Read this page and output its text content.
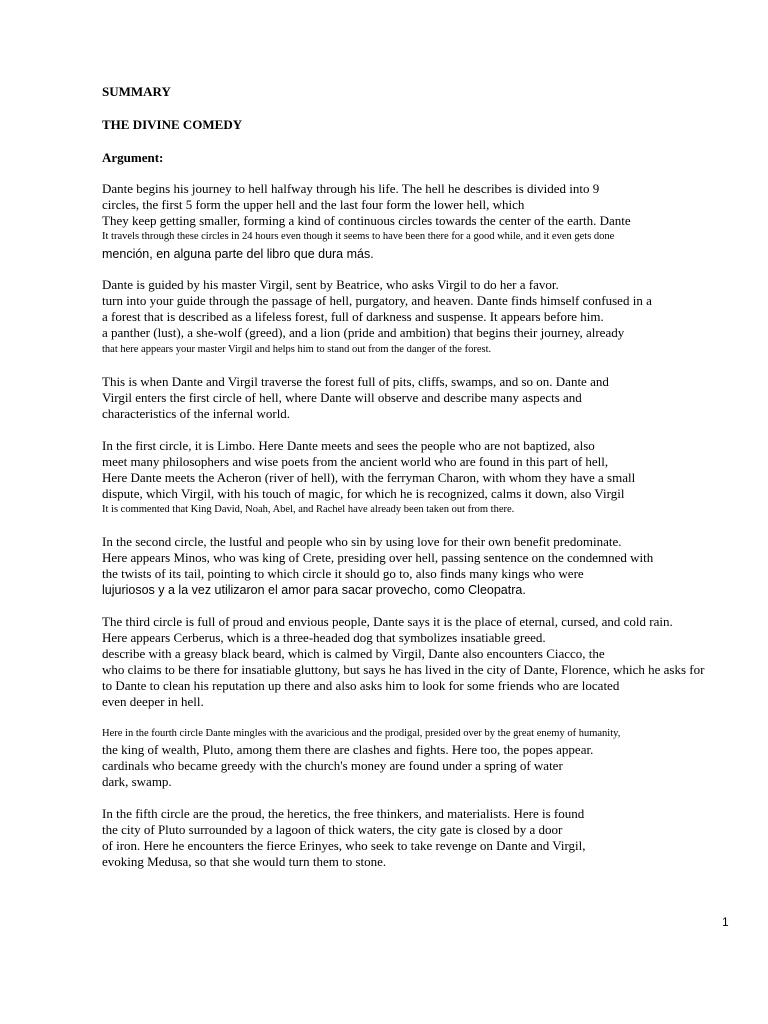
SUMMARY
THE DIVINE COMEDY
Argument:
Dante begins his journey to hell halfway through his life. The hell he describes is divided into 9
circles, the first 5 form the upper hell and the last four form the lower hell, which
They keep getting smaller, forming a kind of continuous circles towards the center of the earth. Dante
It travels through these circles in 24 hours even though it seems to have been there for a good while, and it even gets done
mención, en alguna parte del libro que dura más.
Dante is guided by his master Virgil, sent by Beatrice, who asks Virgil to do her a favor.
turn into your guide through the passage of hell, purgatory, and heaven. Dante finds himself confused in a
a forest that is described as a lifeless forest, full of darkness and suspense. It appears before him.
a panther (lust), a she-wolf (greed), and a lion (pride and ambition) that begins their journey, already
that here appears your master Virgil and helps him to stand out from the danger of the forest.
This is when Dante and Virgil traverse the forest full of pits, cliffs, swamps, and so on. Dante and
Virgil enters the first circle of hell, where Dante will observe and describe many aspects and
characteristics of the infernal world.
In the first circle, it is Limbo. Here Dante meets and sees the people who are not baptized, also
meet many philosophers and wise poets from the ancient world who are found in this part of hell,
Here Dante meets the Acheron (river of hell), with the ferryman Charon, with whom they have a small
dispute, which Virgil, with his touch of magic, for which he is recognized, calms it down, also Virgil
It is commented that King David, Noah, Abel, and Rachel have already been taken out from there.
In the second circle, the lustful and people who sin by using love for their own benefit predominate.
Here appears Minos, who was king of Crete, presiding over hell, passing sentence on the condemned with
the twists of its tail, pointing to which circle it should go to, also finds many kings who were
lujuriosos y a la vez utilizaron el amor para sacar provecho, como Cleopatra.
The third circle is full of proud and envious people, Dante says it is the place of eternal, cursed, and cold rain.
Here appears Cerberus, which is a three-headed dog that symbolizes insatiable greed.
describe with a greasy black beard, which is calmed by Virgil, Dante also encounters Ciacco, the
who claims to be there for insatiable gluttony, but says he has lived in the city of Dante, Florence, which he asks for
to Dante to clean his reputation up there and also asks him to look for some friends who are located
even deeper in hell.
Here in the fourth circle Dante mingles with the avaricious and the prodigal, presided over by the great enemy of humanity,
the king of wealth, Pluto, among them there are clashes and fights. Here too, the popes appear.
cardinals who became greedy with the church's money are found under a spring of water
dark, swamp.
In the fifth circle are the proud, the heretics, the free thinkers, and materialists. Here is found
the city of Pluto surrounded by a lagoon of thick waters, the city gate is closed by a door
of iron. Here he encounters the fierce Erinyes, who seek to take revenge on Dante and Virgil,
evoking Medusa, so that she would turn them to stone.
1
